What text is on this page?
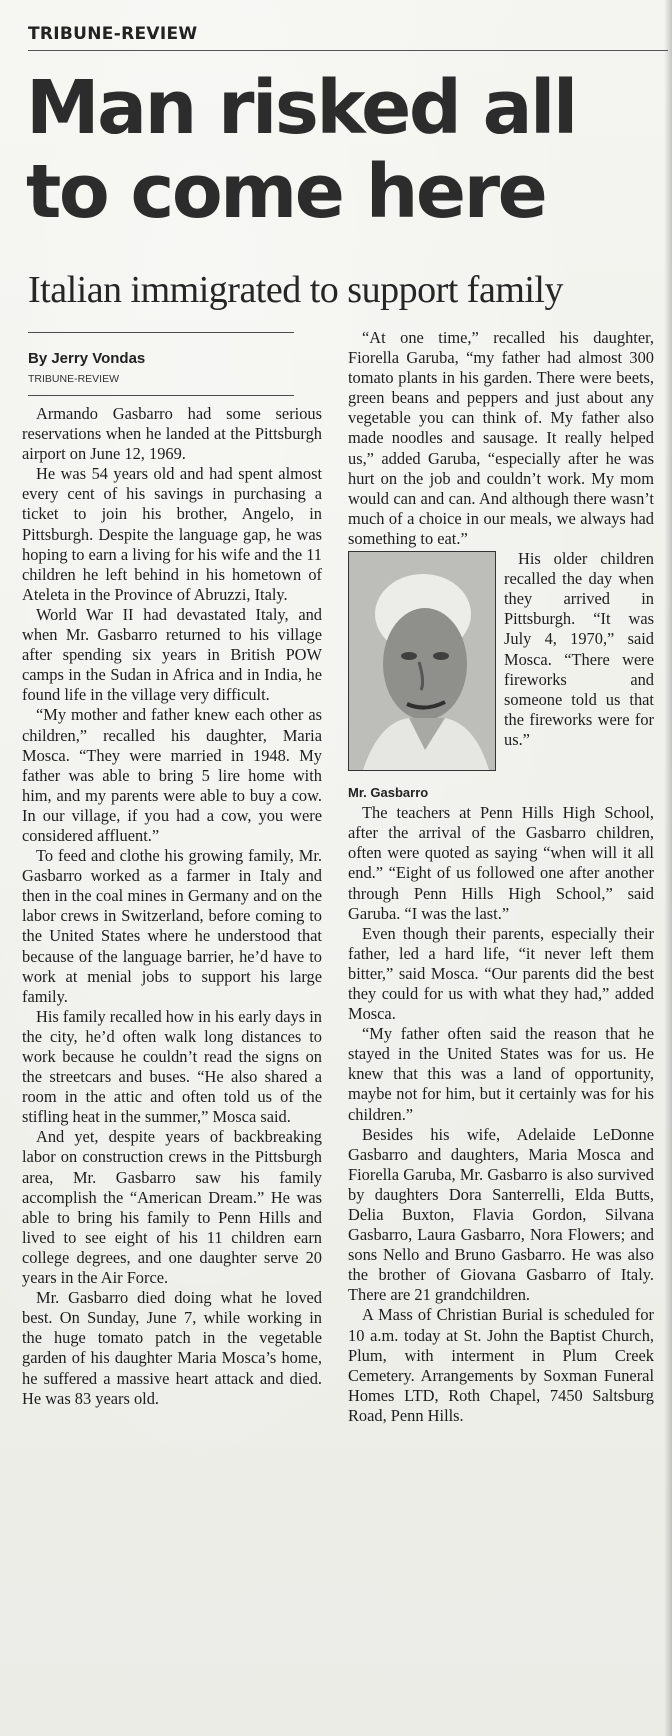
TRIBUNE-REVIEW
Man risked all
to come here
Italian immigrated to support family
By Jerry Vondas
TRIBUNE-REVIEW

Armando Gasbarro had some serious reservations when he landed at the Pittsburgh airport on June 12, 1969.

He was 54 years old and had spent almost every cent of his savings in purchasing a ticket to join his brother, Angelo, in Pittsburgh. Despite the language gap, he was hoping to earn a living for his wife and the 11 children he left behind in his hometown of Ateleta in the Province of Abruzzi, Italy.

World War II had devastated Italy, and when Mr. Gasbarro returned to his village after spending six years in British POW camps in the Sudan in Africa and in India, he found life in the village very difficult.

“My mother and father knew each other as children,” recalled his daughter, Maria Mosca. “They were married in 1948. My father was able to bring 5 lire home with him, and my parents were able to buy a cow. In our village, if you had a cow, you were considered affluent.”

To feed and clothe his growing family, Mr. Gasbarro worked as a farmer in Italy and then in the coal mines in Germany and on the labor crews in Switzerland, before coming to the United States where he understood that because of the language barrier, he’d have to work at menial jobs to support his large family.

His family recalled how in his early days in the city, he’d often walk long distances to work because he couldn’t read the signs on the streetcars and buses. “He also shared a room in the attic and often told us of the stifling heat in the summer,” Mosca said.

And yet, despite years of backbreaking labor on construction crews in the Pittsburgh area, Mr. Gasbarro saw his family accomplish the “American Dream.” He was able to bring his family to Penn Hills and lived to see eight of his 11 children earn college degrees, and one daughter serve 20 years in the Air Force.

Mr. Gasbarro died doing what he loved best. On Sunday, June 7, while working in the huge tomato patch in the vegetable garden of his daughter Maria Mosca’s home, he suffered a massive heart attack and died. He was 83 years old.

“At one time,” recalled his daughter, Fiorella Garuba, “my father had almost 300 tomato plants in his garden. There were beets, green beans and peppers and just about any vegetable you can think of. My father also made noodles and sausage. It really helped us,” added Garuba, “especially after he was hurt on the job and couldn’t work. My mom would can and can. And although there wasn’t much of a choice in our meals, we always had something to eat.”

Mr. Gasbarro

His older children recalled the day when they arrived in Pittsburgh. “It was July 4, 1970,” said Mosca. “There were fireworks and someone told us that the fireworks were for us.”

The teachers at Penn Hills High School, after the arrival of the Gasbarro children, often were quoted as saying “when will it all end.” “Eight of us followed one after another through Penn Hills High School,” said Garuba. “I was the last.”

Even though their parents, especially their father, led a hard life, “it never left them bitter,” said Mosca. “Our parents did the best they could for us with what they had,” added Mosca.

“My father often said the reason that he stayed in the United States was for us. He knew that this was a land of opportunity, maybe not for him, but it certainly was for his children.”

Besides his wife, Adelaide LeDonne Gasbarro and daughters, Maria Mosca and Fiorella Garuba, Mr. Gasbarro is also survived by daughters Dora Santerrelli, Elda Butts, Delia Buxton, Flavia Gordon, Silvana Gasbarro, Laura Gasbarro, Nora Flowers; and sons Nello and Bruno Gasbarro. He was also the brother of Giovana Gasbarro of Italy. There are 21 grandchildren.

A Mass of Christian Burial is scheduled for 10 a.m. today at St. John the Baptist Church, Plum, with interment in Plum Creek Cemetery. Arrangements by Soxman Funeral Homes LTD, Roth Chapel, 7450 Saltsburg Road, Penn Hills.
